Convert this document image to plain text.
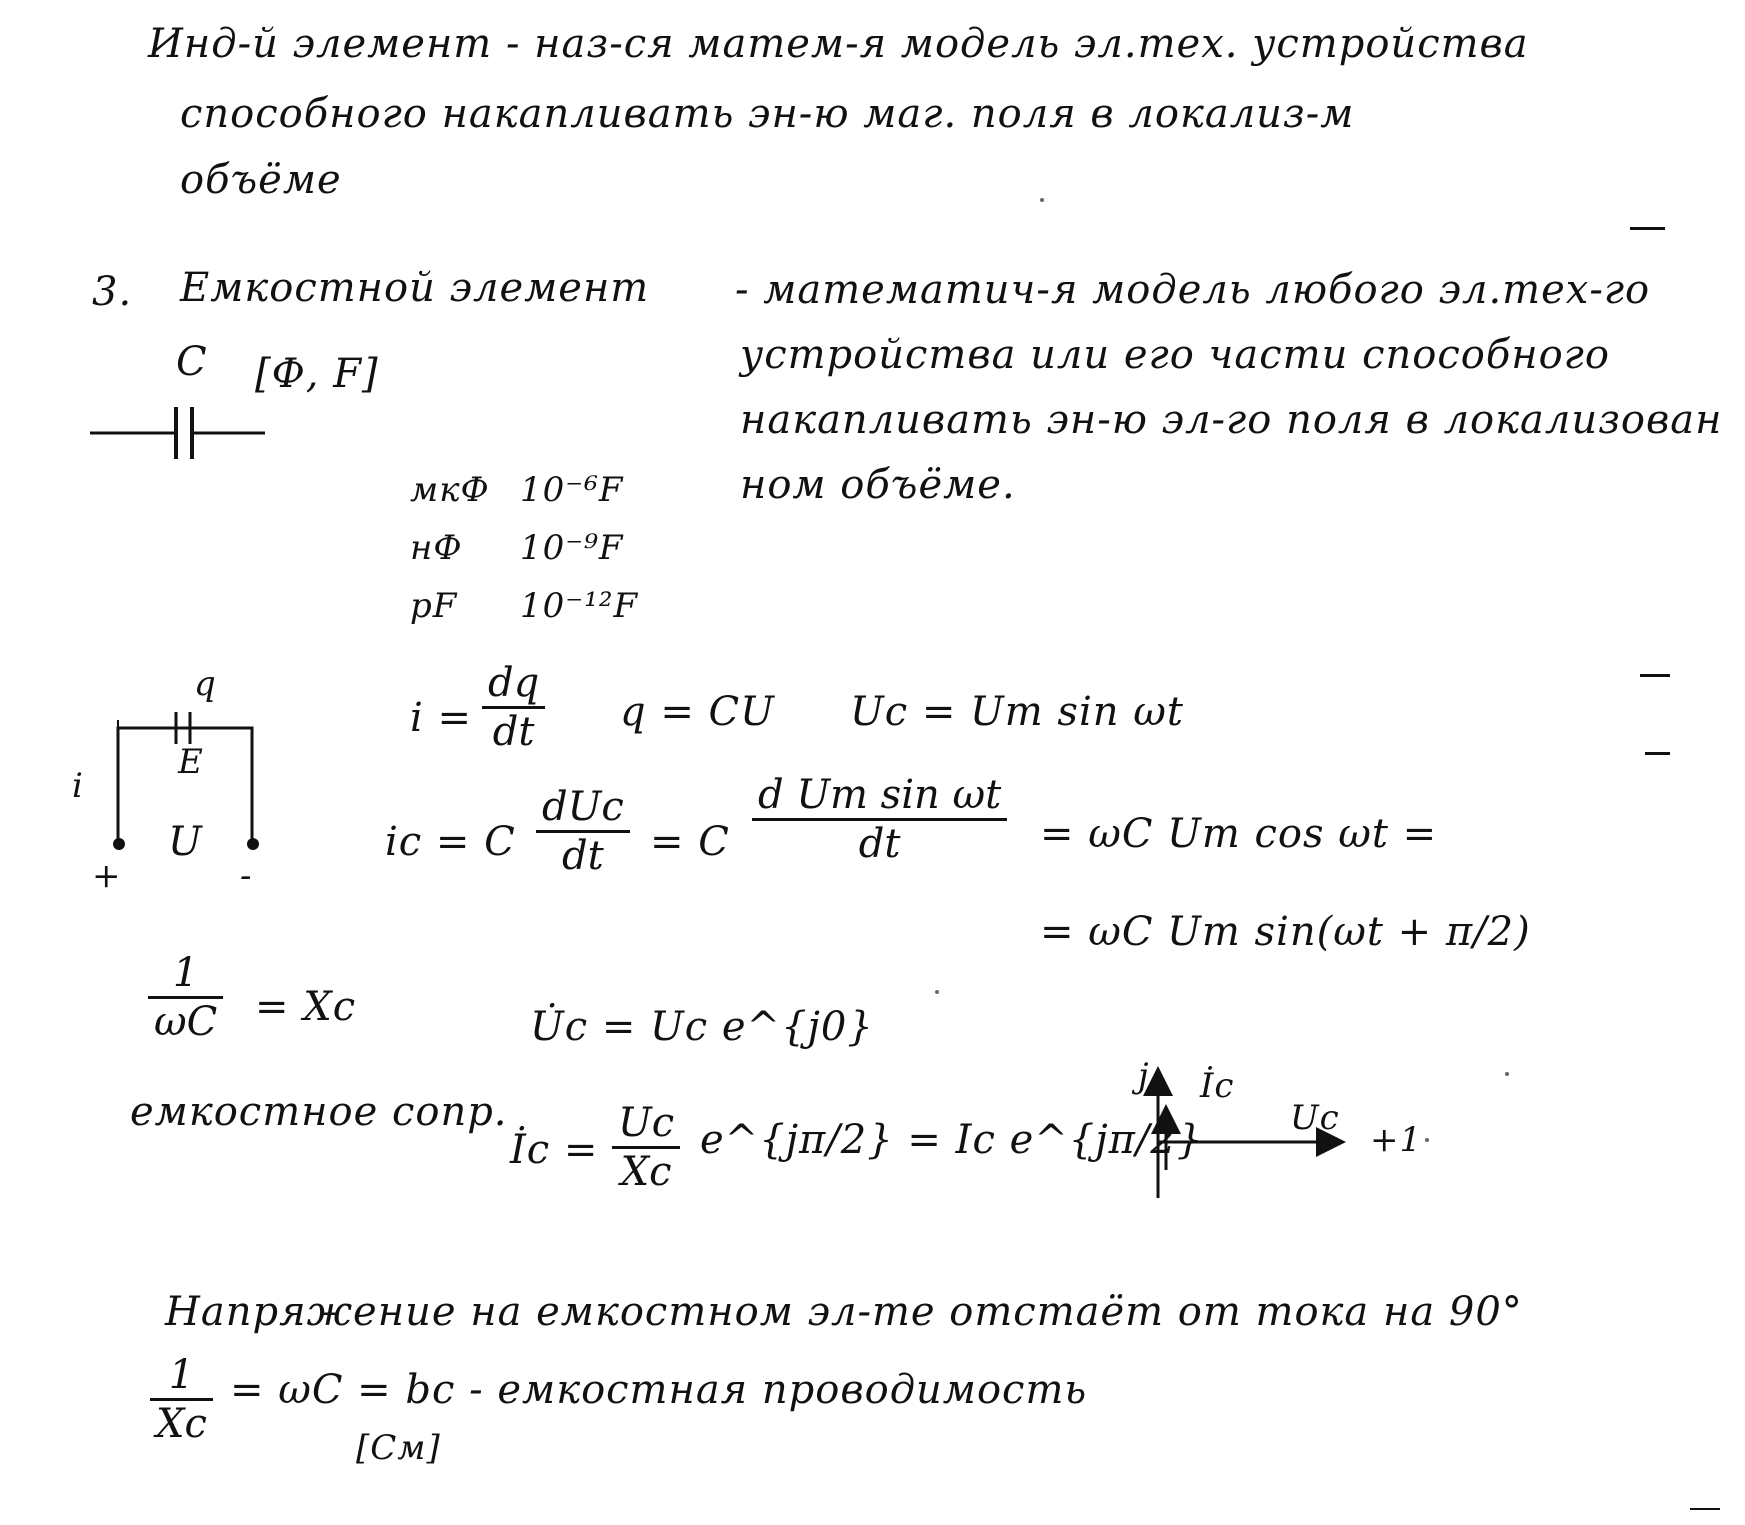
Инд-й элемент - наз-ся матем-я модель эл.тех. устройства
способного накапливать эн-ю маг. поля в локализ-м
объёме
3. Емкостной элемент - математич-я модель любого эл.тех-го
устройства или его части способного
накапливать эн-ю эл-го поля в локализован
ном объёме.
C [Ф, F]
мкФ 10⁻⁶F
нФ 10⁻⁹F
pF 10⁻¹²F
q
E
i
U
+	-
i =
dq
dt q = CU Uc = Um sin ωt
ic = C
dUc
dt = C
d Um sin ωt
dt	= ωC Um cos ωt =
= ωC Um sin(ωt + π/2)
1
ωC = Xc
емкостное сопр.
U̇c = Uc e^{j0}
İc =
Uc
Xc
e^{jπ/2} = Ic e^{jπ/2}
j İc
Uc
+1
Напряжение на емкостном эл-те отстаёт от тока на 90°
1
Xc
= ωC = bc - емкостная проводимость
[См]
